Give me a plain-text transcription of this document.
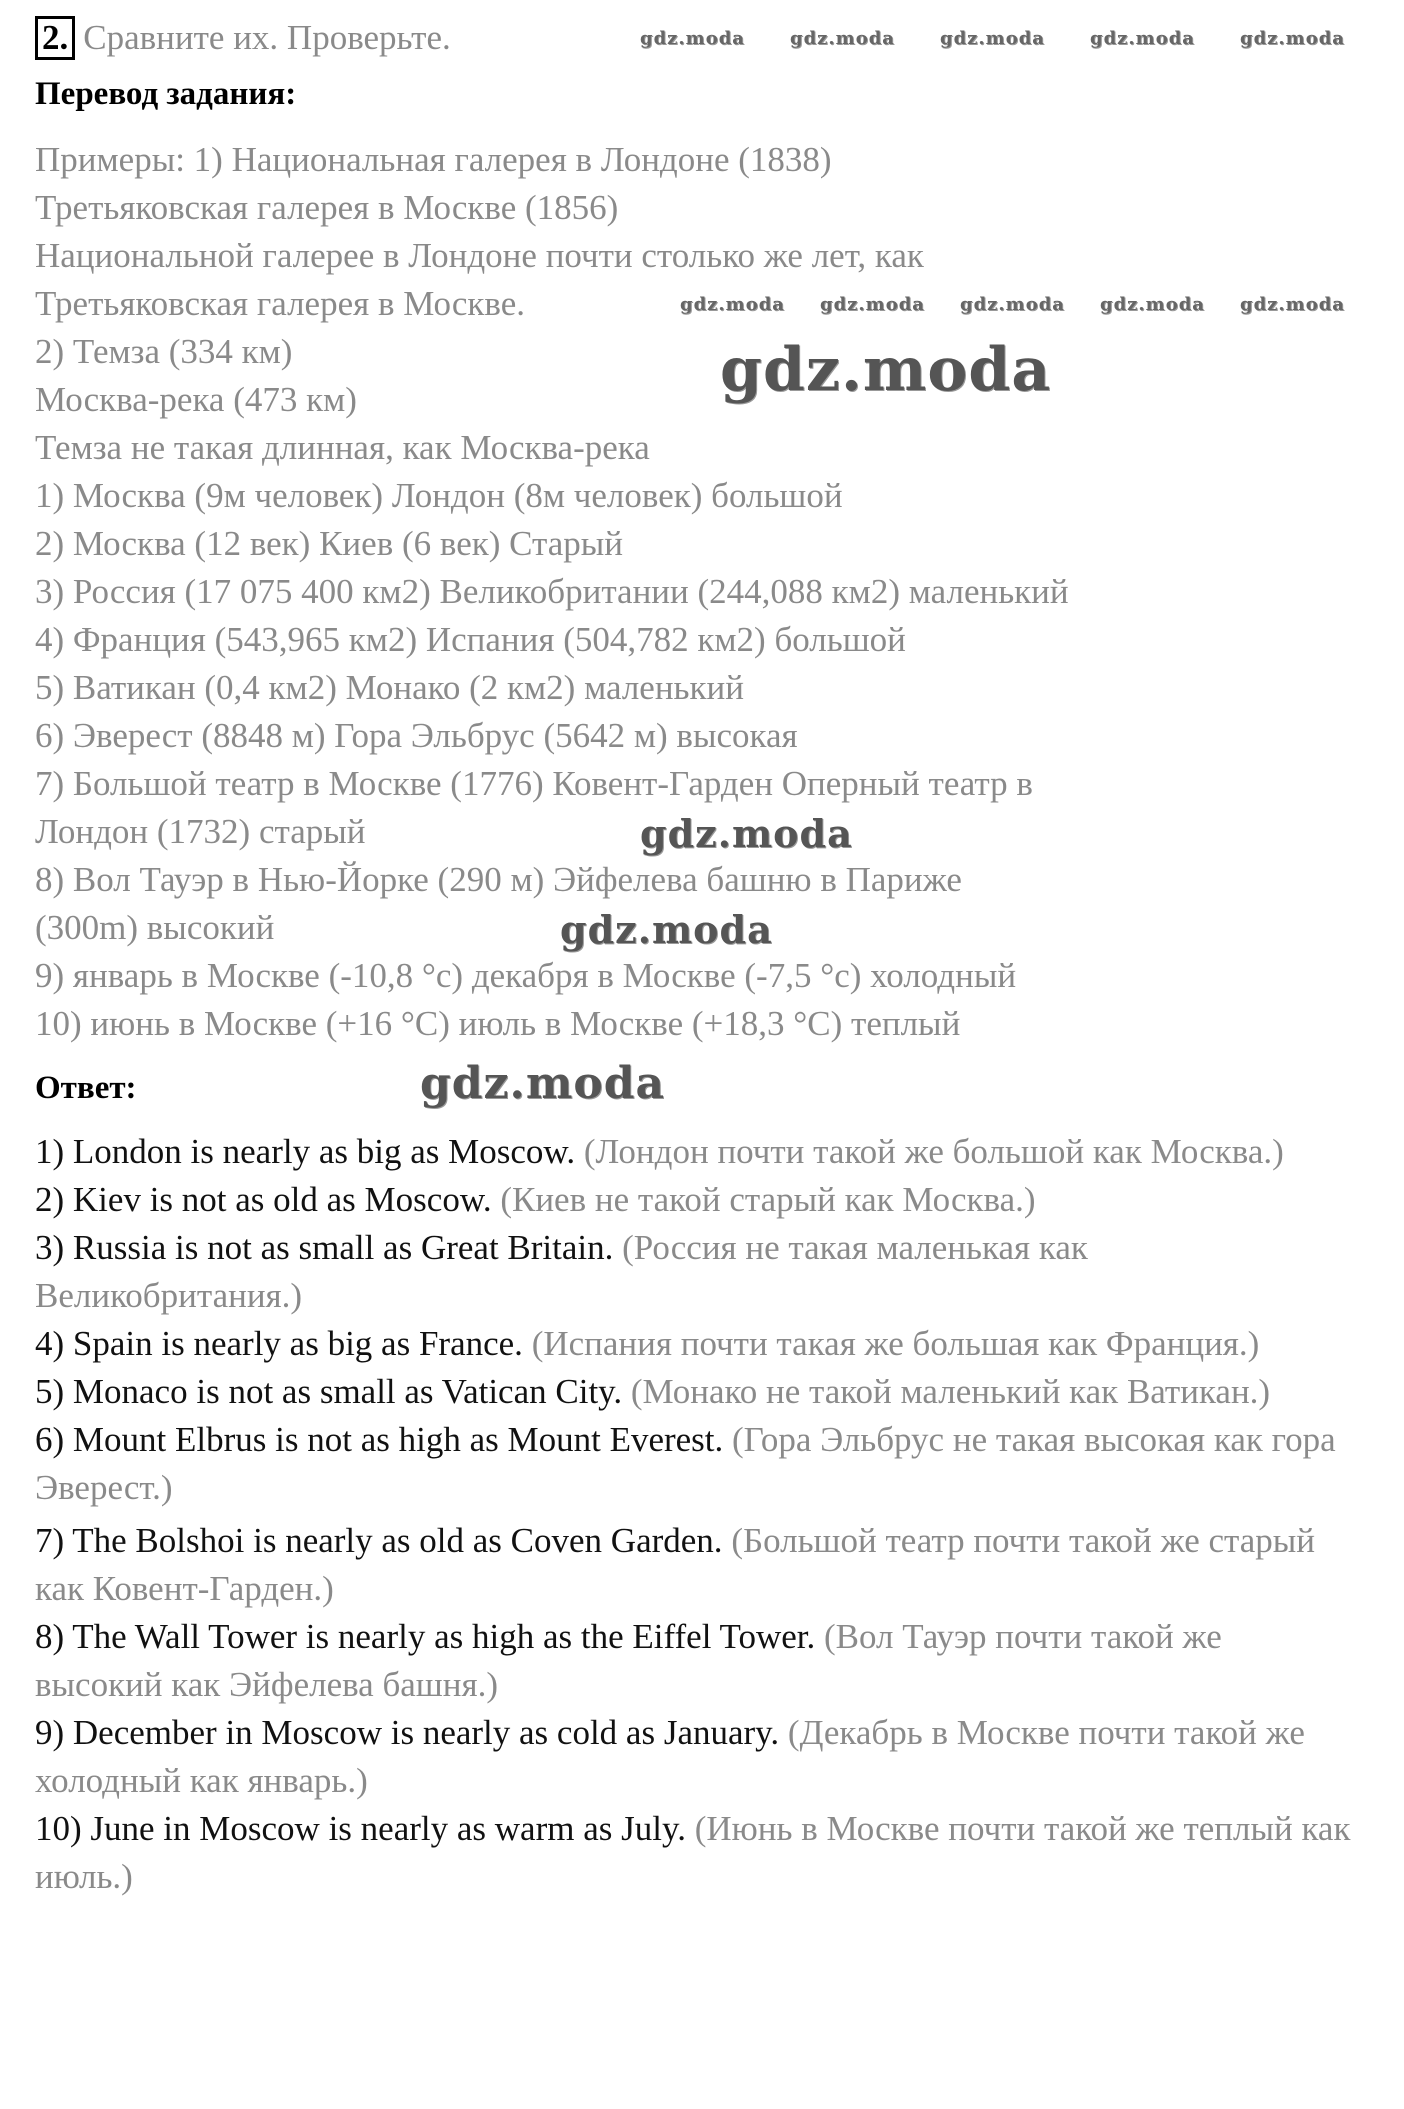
2. Сравните их. Проверьте.
Перевод задания:
Примеры: 1) Национальная галерея в Лондоне (1838)
Третьяковская галерея в Москве (1856)
Национальной галерее в Лондоне почти столько же лет, как
Третьяковская галерея в Москве.
2) Темза (334 км)
Москва-река (473 км)
Темза не такая длинная, как Москва-река
1) Москва (9м человек) Лондон (8м человек) большой
2) Москва (12 век) Киев (6 век) Старый
3) Россия (17 075 400 км2) Великобритании (244,088 км2) маленький
4) Франция (543,965 км2) Испания (504,782 км2) большой
5) Ватикан (0,4 км2) Монако (2 км2) маленький
6) Эверест (8848 м) Гора Эльбрус (5642 м) высокая
7) Большой театр в Москве (1776) Ковент-Гарден Оперный театр в
Лондон (1732) старый
8) Вол Тауэр в Нью-Йорке (290 м) Эйфелева башню в Париже
(300m) высокий
9) январь в Москве (-10,8 °с) декабря в Москве (-7,5 °с) холодный
10) июнь в Москве (+16 °С) июль в Москве (+18,3 °С) теплый
Ответ:
1) London is nearly as big as Moscow. (Лондон почти такой же большой как Москва.)
2) Kiev is not as old as Moscow. (Киев не такой старый как Москва.)
3) Russia is not as small as Great Britain. (Россия не такая маленькая как Великобритания.)
4) Spain is nearly as big as France. (Испания почти такая же большая как Франция.)
5) Monaco is not as small as Vatican City. (Монако не такой маленький как Ватикан.)
6) Mount Elbrus is not as high as Mount Everest. (Гора Эльбрус не такая высокая как гора Эверест.)
7) The Bolshoi is nearly as old as Coven Garden. (Большой театр почти такой же старый как Ковент-Гарден.)
8) The Wall Tower is nearly as high as the Eiffel Tower. (Вол Тауэр почти такой же высокий как Эйфелева башня.)
9) December in Moscow is nearly as cold as January. (Декабрь в Москве почти такой же холодный как январь.)
10) June in Moscow is nearly as warm as July. (Июнь в Москве почти такой же теплый как июль.)
gdz.moda
gdz.moda
gdz.moda
gdz.moda
gdz.moda	gdz.moda	gdz.moda	gdz.moda	gdz.moda
gdz.moda gdz.moda gdz.moda gdz.moda gdz.moda
